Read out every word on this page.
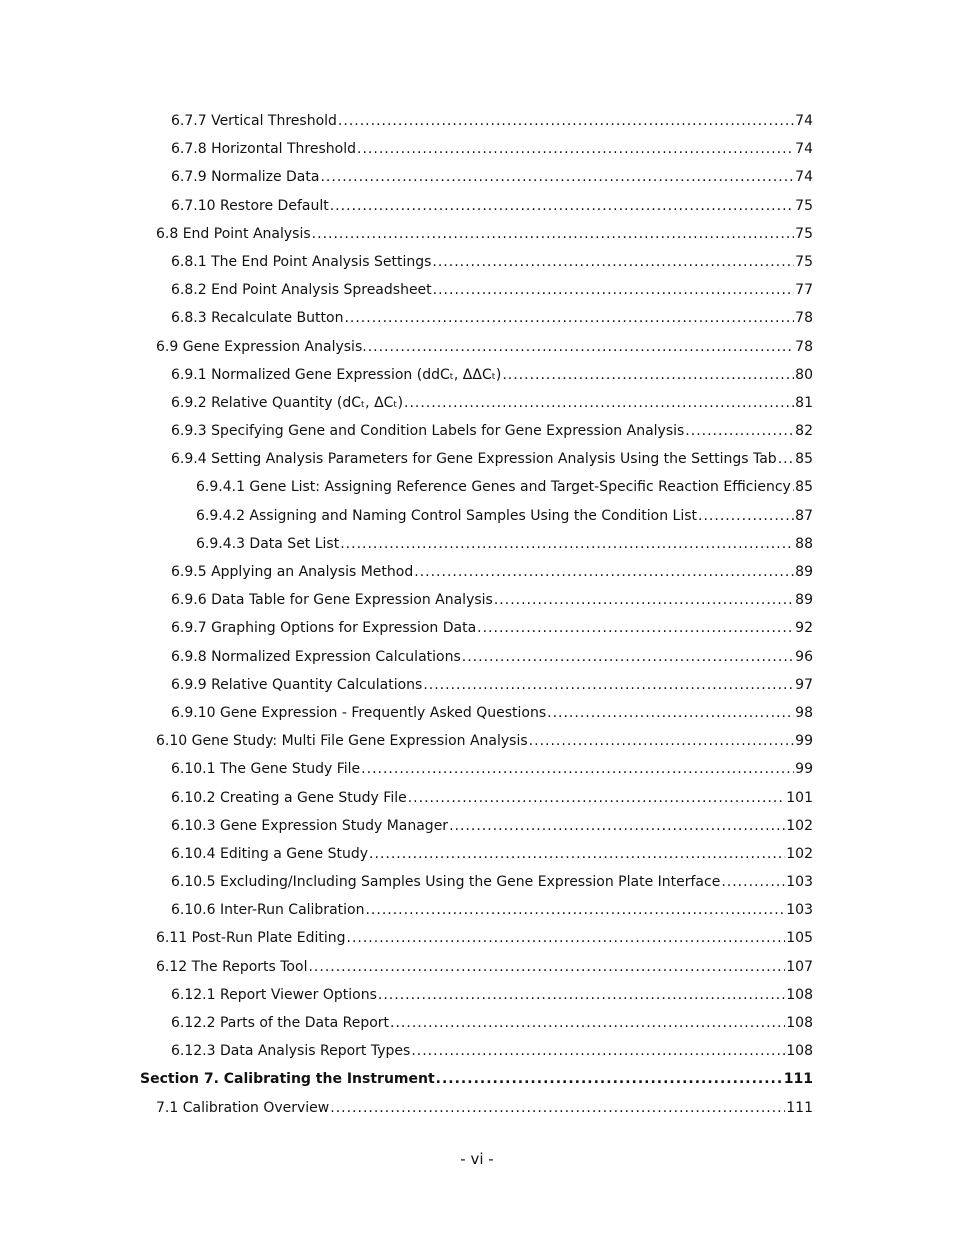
6.7.7 Vertical Threshold .....	74
6.7.8 Horizontal Threshold .....	74
6.7.9 Normalize Data .....	74
6.7.10 Restore Default .....	75
6.8 End Point Analysis .....	75
6.8.1 The End Point Analysis Settings .....	75
6.8.2 End Point Analysis Spreadsheet .....	77
6.8.3 Recalculate Button .....	78
6.9 Gene Expression Analysis. .....	78
6.9.1 Normalized Gene Expression (ddCₜ, ΔΔCₜ) .....	80
6.9.2 Relative Quantity (dCₜ, ΔCₜ) .....	81
6.9.3 Specifying Gene and Condition Labels for Gene Expression Analysis .....	82
6.9.4 Setting Analysis Parameters for Gene Expression Analysis Using the Settings Tab ..... 85
6.9.4.1 Gene List: Assigning Reference Genes and Target-Specific Reaction Efficiency ..... 85
6.9.4.2 Assigning and Naming Control Samples Using the Condition List .....	87
6.9.4.3 Data Set List .....	88
6.9.5 Applying an Analysis Method .....	89
6.9.6 Data Table for Gene Expression Analysis .....	89
6.9.7 Graphing Options for Expression Data .....	92
6.9.8 Normalized Expression Calculations .....	96
6.9.9 Relative Quantity Calculations .....	97
6.9.10 Gene Expression - Frequently Asked Questions .....	98
6.10 Gene Study: Multi File Gene Expression Analysis .....	99
6.10.1 The Gene Study File .....	99
6.10.2 Creating a Gene Study File .....	101
6.10.3 Gene Expression Study Manager .....	102
6.10.4 Editing a Gene Study .....	102
6.10.5 Excluding/Including Samples Using the Gene Expression Plate Interface .....	103
6.10.6 Inter-Run Calibration .....	103
6.11 Post-Run Plate Editing .....	105
6.12 The Reports Tool .....	107
6.12.1 Report Viewer Options .....	108
6.12.2 Parts of the Data Report .....	108
6.12.3 Data Analysis Report Types .....	108
Section 7. Calibrating the Instrument .....	111
7.1 Calibration Overview .....	111
- vi -
